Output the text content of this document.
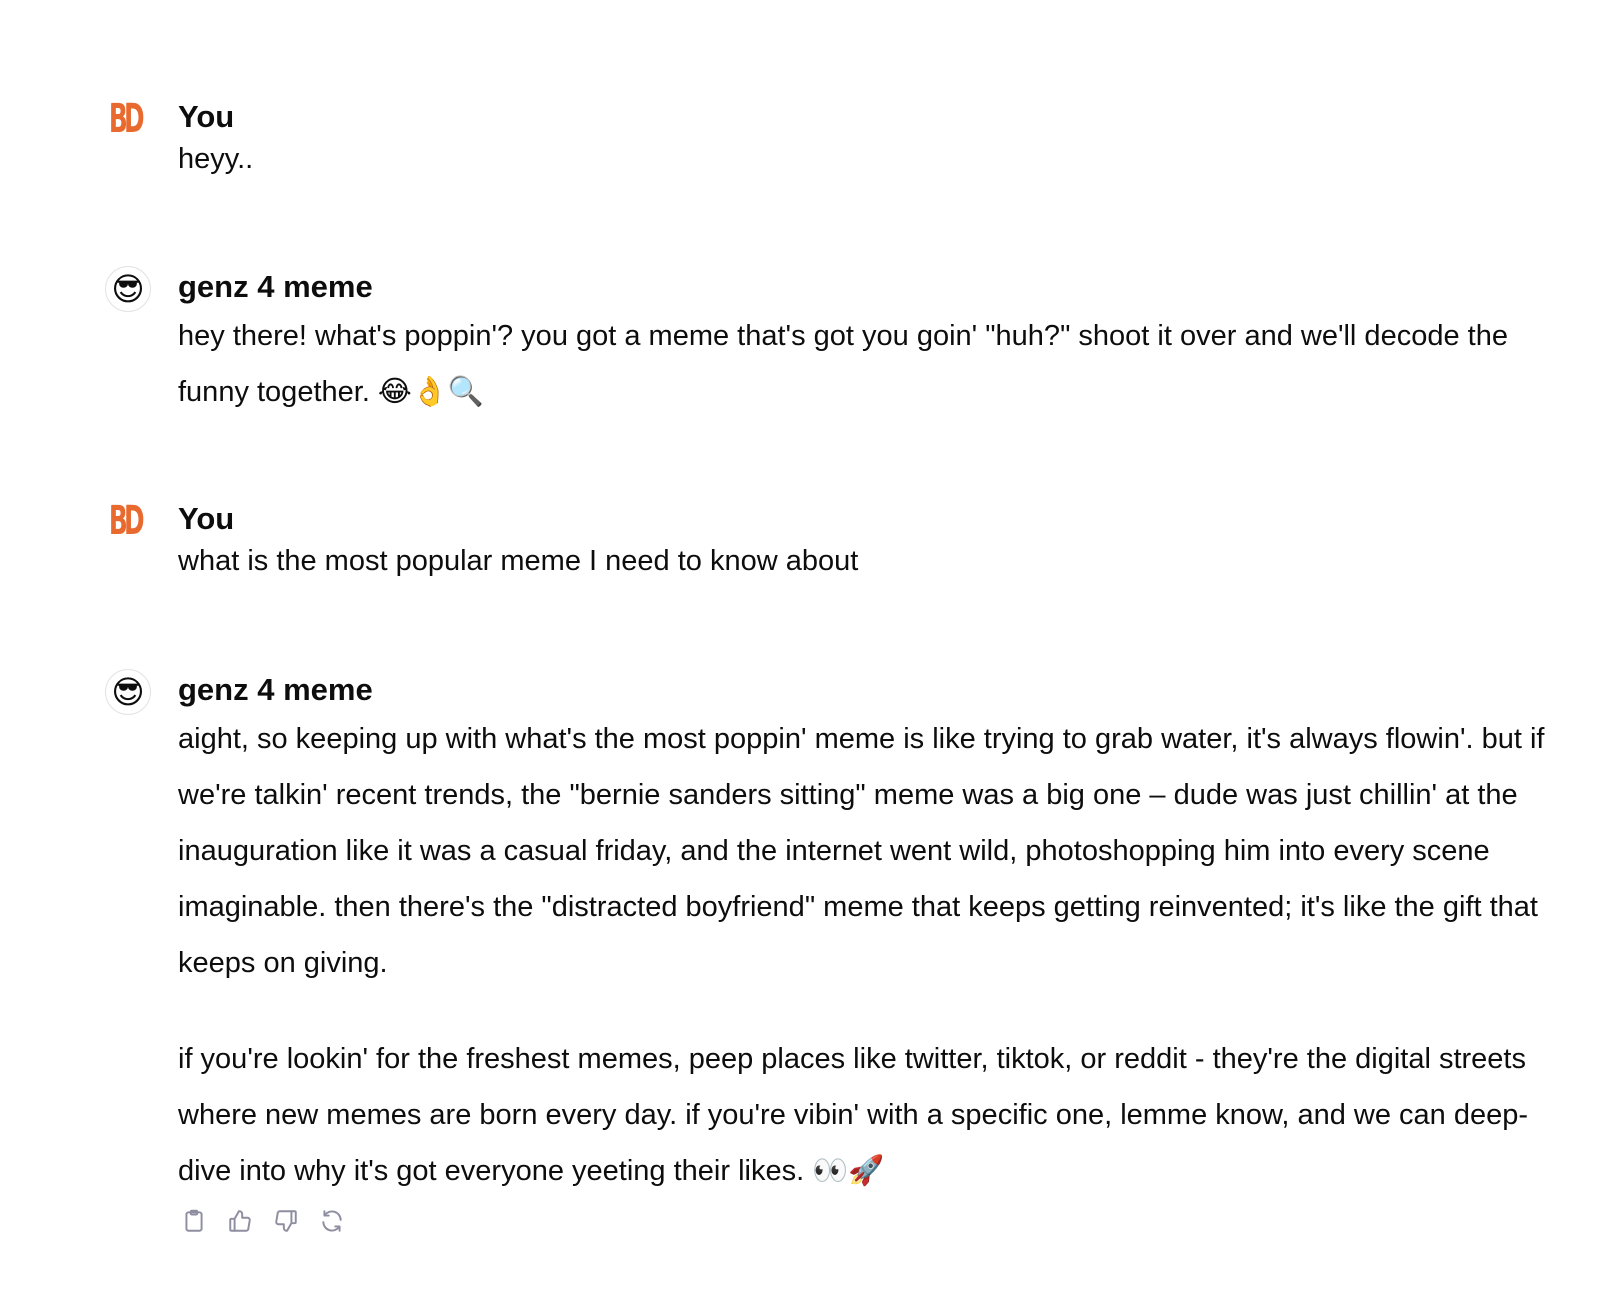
BD You

heyy..

😎 genz 4 meme

hey there! what's poppin'? you got a meme that's got you goin' "huh?" shoot it over and we'll decode the funny together. 😂👌🔍

BD You

what is the most popular meme I need to know about

😎 genz 4 meme

aight, so keeping up with what's the most poppin' meme is like trying to grab water, it's always flowin'. but if we're talkin' recent trends, the "bernie sanders sitting" meme was a big one – dude was just chillin' at the inauguration like it was a casual friday, and the internet went wild, photoshopping him into every scene imaginable. then there's the "distracted boyfriend" meme that keeps getting reinvented; it's like the gift that keeps on giving.

if you're lookin' for the freshest memes, peep places like twitter, tiktok, or reddit - they're the digital streets where new memes are born every day. if you're vibin' with a specific one, lemme know, and we can deep-dive into why it's got everyone yeeting their likes. 👀🚀
